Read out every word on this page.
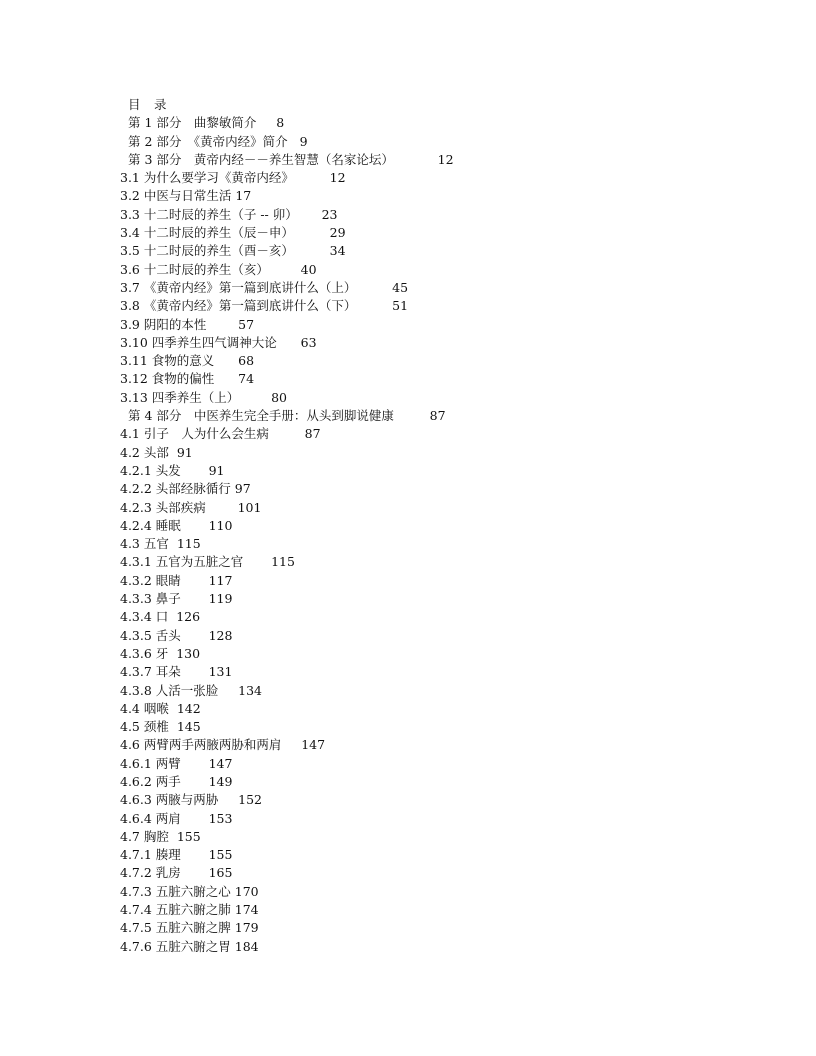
目　录
第 1 部分　曲黎敏简介 8
第 2 部分　《黄帝内经》简介 9
第 3 部分　黄帝内经－－养生智慧（名家论坛）	12
3.1 为什么要学习《黄帝内经》	12
3.2 中医与日常生活 17
3.3 十二时辰的养生（子 -- 卯） 23
3.4 十二时辰的养生（辰－申）	29
3.5 十二时辰的养生（酉－亥）	34
3.6 十二时辰的养生（亥）	40
3.7 《黄帝内经》第一篇到底讲什么（上）	45
3.8 《黄帝内经》第一篇到底讲什么（下）	51
3.9 阴阳的本性	57
3.10 四季养生四气调神大论 63
3.11 食物的意义 68
3.12 食物的偏性 74
3.13 四季养生（上）	80
第 4 部分　中医养生完全手册：从头到脚说健康	87
4.1 引子　人为什么会生病	87
4.2 头部 91
4.2.1 头发 91
4.2.2 头部经脉循行 97
4.2.3 头部疾病	101
4.2.4 睡眠 110
4.3 五官 115
4.3.1 五官为五脏之官 115
4.3.2 眼睛 117
4.3.3 鼻子 119
4.3.4 口 126
4.3.5 舌头 128
4.3.6 牙 130
4.3.7 耳朵 131
4.3.8 人活一张脸 134
4.4 咽喉 142
4.5 颈椎 145
4.6 两臂两手两腋两胁和两肩 147
4.6.1 两臂 147
4.6.2 两手 149
4.6.3 两腋与两胁 152
4.6.4 两肩 153
4.7 胸腔 155
4.7.1 腠理 155
4.7.2 乳房 165
4.7.3 五脏六腑之心 170
4.7.4 五脏六腑之肺 174
4.7.5 五脏六腑之脾 179
4.7.6 五脏六腑之胃 184
